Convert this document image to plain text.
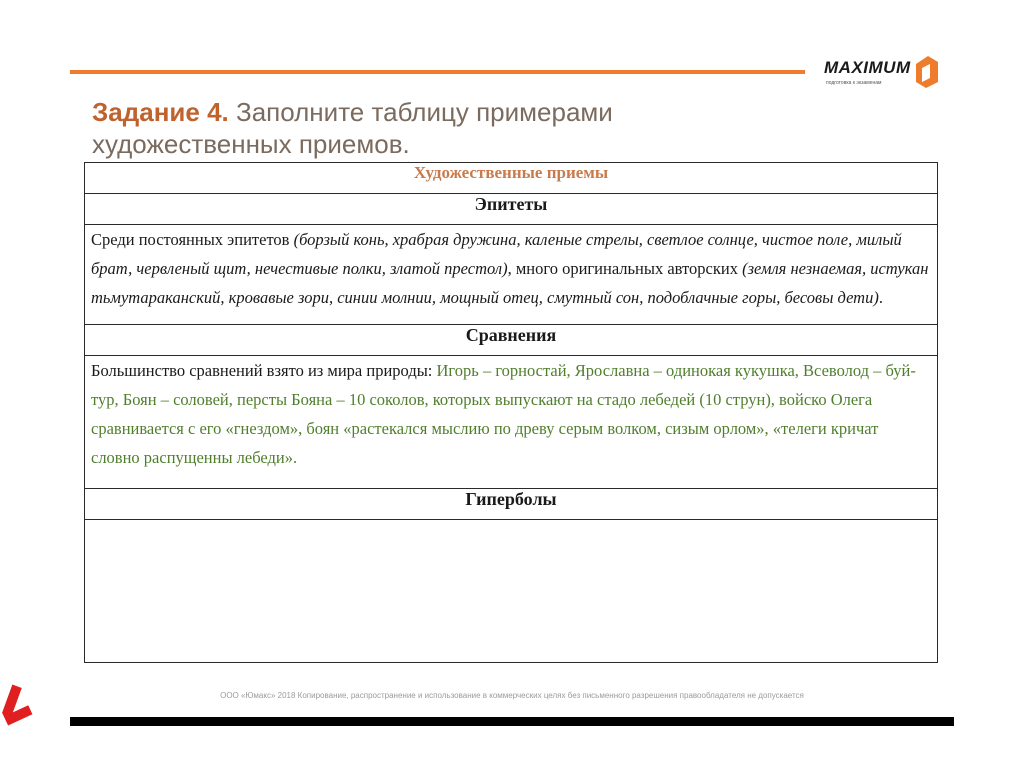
MAXIMUM
подготовка к экзаменам
Задание 4. Заполните таблицу примерами художественных приемов.
Художественные приемы
Эпитеты
Среди постоянных эпитетов (борзый конь, храбрая дружина, каленые стрелы, светлое солнце, чистое поле, милый брат, червленый щит, нечестивые полки, златой престол), много оригинальных авторских (земля незнаемая, истукан тьмутараканский, кровавые зори, синии молнии, мощный отец, смутный сон, подоблачные горы, бесовы дети).
Сравнения
Большинство сравнений взято из мира природы: Игорь – горностай, Ярославна – одинокая кукушка, Всеволод – буй-тур, Боян – соловей, персты Бояна – 10 соколов, которых выпускают на стадо лебедей (10 струн), войско Олега сравнивается с его «гнездом», боян «растекался мыслию по древу серым волком, сизым орлом», «телеги кричат словно распущенны лебеди».
Гиперболы

ООО «Юмакс» 2018 Копирование, распространение и использование в коммерческих целях без письменного разрешения правообладателя не допускается
